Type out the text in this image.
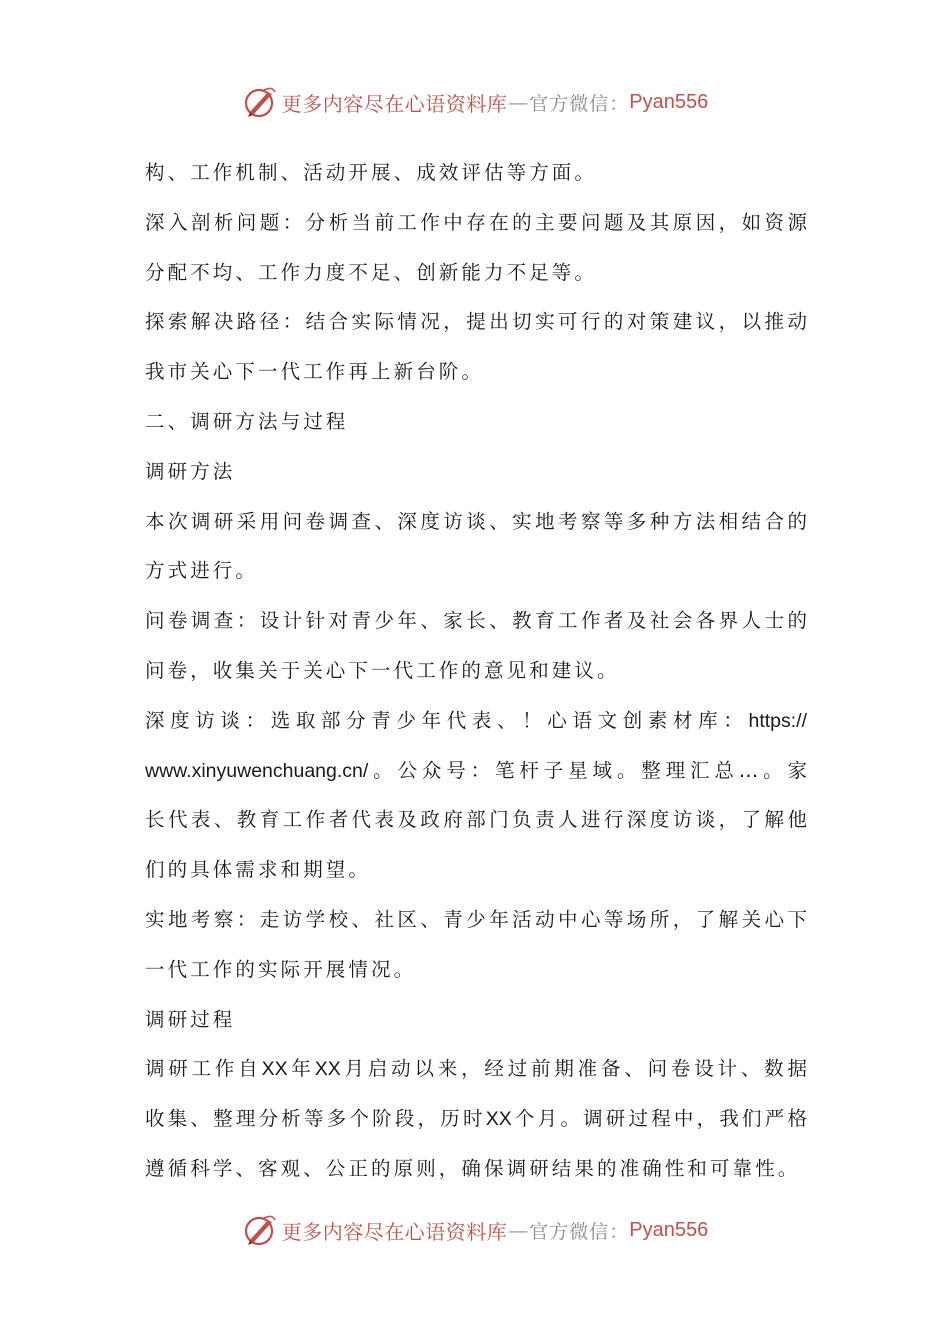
更多内容尽在心语资料库 — 官方微信： Pyan556
构、工作机制、活动开展、成效评估等方面。
深入剖析问题：分析当前工作中存在的主要问题及其原因，如资源
分配不均、工作力度不足、创新能力不足等。
探索解决路径：结合实际情况，提出切实可行的对策建议，以推动
我市关心下一代工作再上新台阶。
二、调研方法与过程
调研方法
本次调研采用问卷调查、深度访谈、实地考察等多种方法相结合的
方式进行。
问卷调查：设计针对青少年、家长、教育工作者及社会各界人士的
问卷，收集关于关心下一代工作的意见和建议。
深度访谈：选取部分青少年代表、！心语文创素材库：https://
www.xinyuwenchuang.cn/。公众号：笔杆子星域。整理汇总…。家
长代表、教育工作者代表及政府部门负责人进行深度访谈，了解他
们的具体需求和期望。
实地考察：走访学校、社区、青少年活动中心等场所，了解关心下
一代工作的实际开展情况。
调研过程
调研工作自XX年XX月启动以来，经过前期准备、问卷设计、数据
收集、整理分析等多个阶段，历时XX个月。调研过程中，我们严格
遵循科学、客观、公正的原则，确保调研结果的准确性和可靠性。
更多内容尽在心语资料库 — 官方微信： Pyan556
